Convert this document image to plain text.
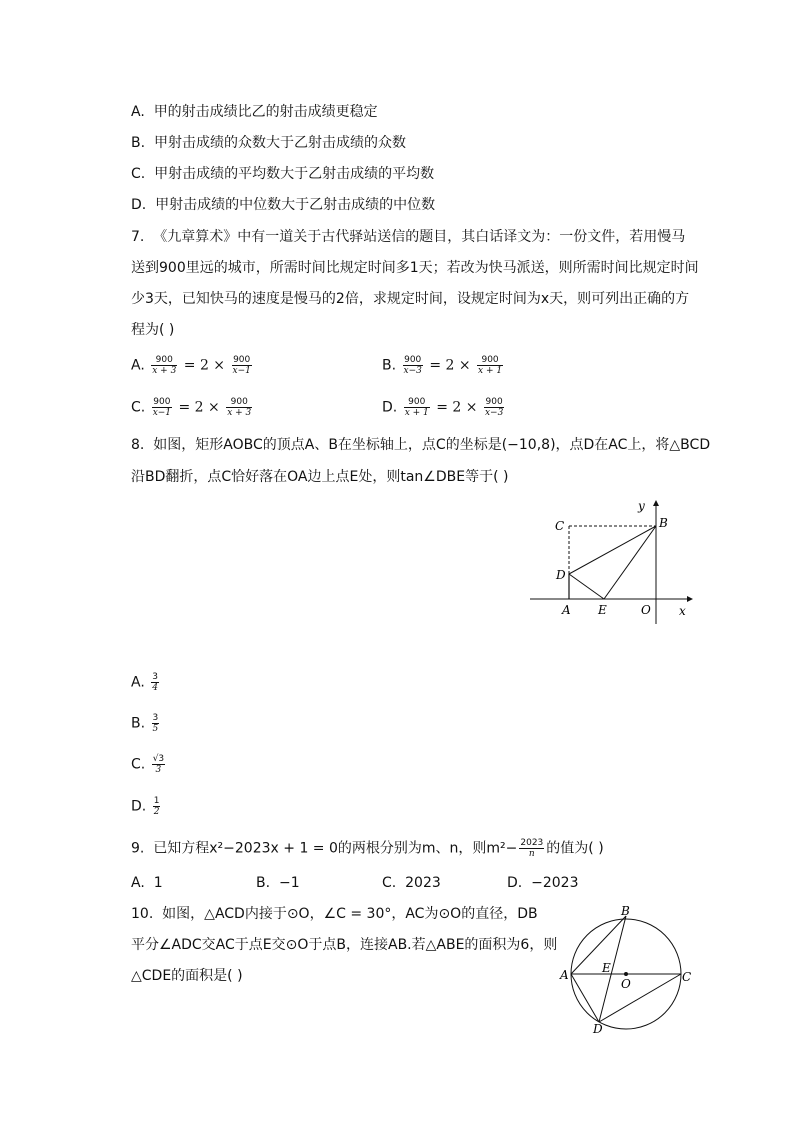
A. 甲的射击成绩比乙的射击成绩更稳定
B. 甲射击成绩的众数大于乙射击成绩的众数
C. 甲射击成绩的平均数大于乙射击成绩的平均数
D. 甲射击成绩的中位数大于乙射击成绩的中位数
7. 《九章算术》中有一道关于古代驿站送信的题目，其白话译文为：一份文件，若用慢马
送到900里远的城市，所需时间比规定时间多1天；若改为快马派送，则所需时间比规定时间
少3天，已知快马的速度是慢马的2倍，求规定时间，设规定时间为x天，则可列出正确的方
程为( )
A. $\frac{900}{x + 3} = 2 \times \frac{900}{x-1}$	B. $\frac{900}{x-3} = 2 \times \frac{900}{x + 1}$
C. $\frac{900}{x-1} = 2 \times \frac{900}{x + 3}$	D. $\frac{900}{x + 1} = 2 \times \frac{900}{x-3}$
8. 如图，矩形AOBC的顶点A、B在坐标轴上，点C的坐标是(−10,8)，点D在AC上，将△BCD
沿BD翻折，点C恰好落在OA边上点E处，则tan∠DBE等于( )
C	B
D
A E	O x
y
A. $\frac{3}{4}$
B. $\frac{3}{5}$
C. $\frac{√3}{3}$
D. $\frac{1}{2}$
9. 已知方程x²−2023x + 1 = 0的两根分别为m、n，则$m^2- \frac{2023}{n}$ 的值为( )
A. 1	B. −1	C. 2023	D. −2023
10. 如图，△ACD内接于⊙O，∠C = 30°，AC为⊙O的直径，DB
平分∠ADC交AC于点E交⊙O于点B，连接AB.若△ABE的面积为6，则
△CDE的面积是( )
B
A	C
D
E
O
